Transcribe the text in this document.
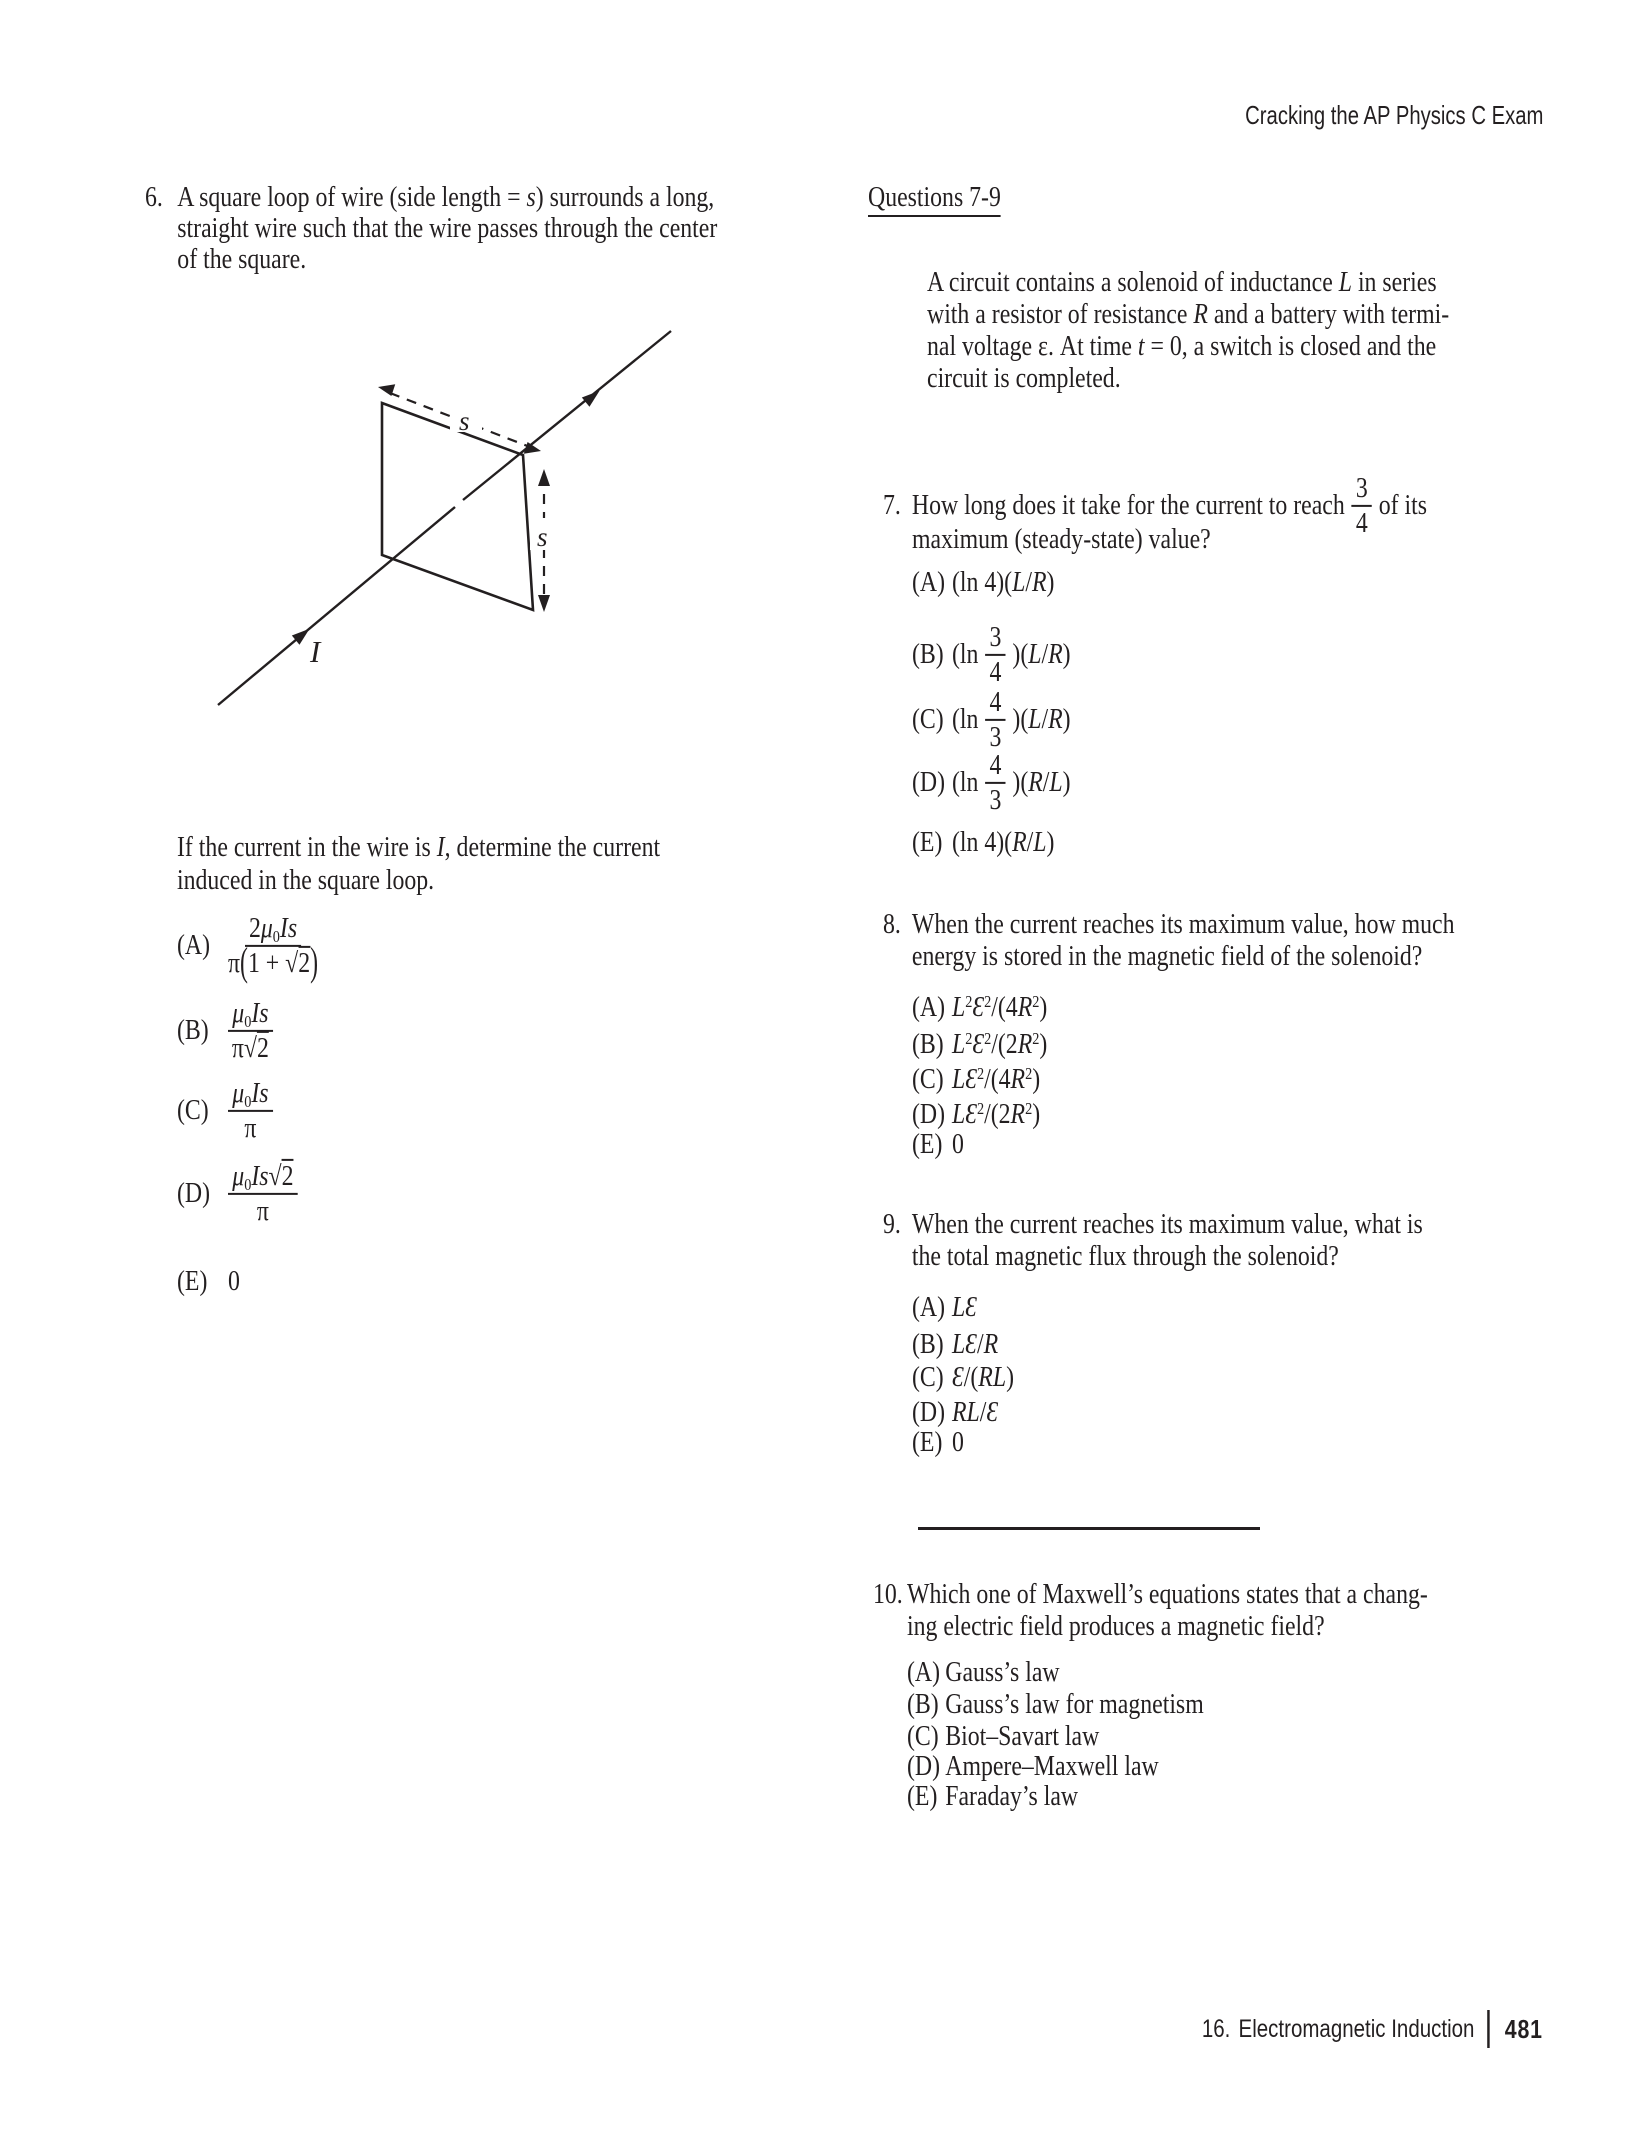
Cracking the AP Physics C Exam
6. A square loop of wire (side length = s) surrounds a long,
straight wire such that the wire passes through the center
of the square.
s
s
I
If the current in the wire is I, determine the current
induced in the square loop.
$(A) \frac{2\mu_0Is}{\pi(1 + √2)}$
$(B) \frac{\mu_0Is}{\pi√2}$
$(C) \frac{\mu_0Is}{\pi}$
$(D) \frac{\mu_0Is√2}{\pi}$
(E) 0
Questions 7-9
A circuit contains a solenoid of inductance L in series
with a resistor of resistance R and a battery with termi-
nal voltage ε. At time t = 0, a switch is closed and the
circuit is completed.
7. How long does it take for the current to reach $\frac{3}{4}$ of its
maximum (steady-state) value?
(A) (ln 4)(L/R)
(B) $(\ln \frac{3}{4} )(L/R)$
(C) $(\ln \frac{4}{3} )(L/R)$
(D) $(\ln \frac{4}{3} )(R/L)$
(E) (ln 4)(R/L)
8. When the current reaches its maximum value, how much
energy is stored in the magnetic field of the solenoid?
(A) $L^2Ɛ^2/(4R^2)$
(B) $L^2Ɛ^2/(2R^2)$
(C) $LƐ^2/(4R^2)$
(D) $LƐ^2/(2R^2)$
(E) 0
9. When the current reaches its maximum value, what is
the total magnetic flux through the solenoid?
(A) LƐ
(B) LƐ/R
(C) Ɛ/(RL)
(D) RL/Ɛ
(E) 0
10. Which one of Maxwell’s equations states that a chang-
ing electric field produces a magnetic field?
(A) Gauss’s law
(B) Gauss’s law for magnetism
(C) Biot–Savart law
(D) Ampere–Maxwell law
(E) Faraday’s law
16. Electromagnetic Induction 481
